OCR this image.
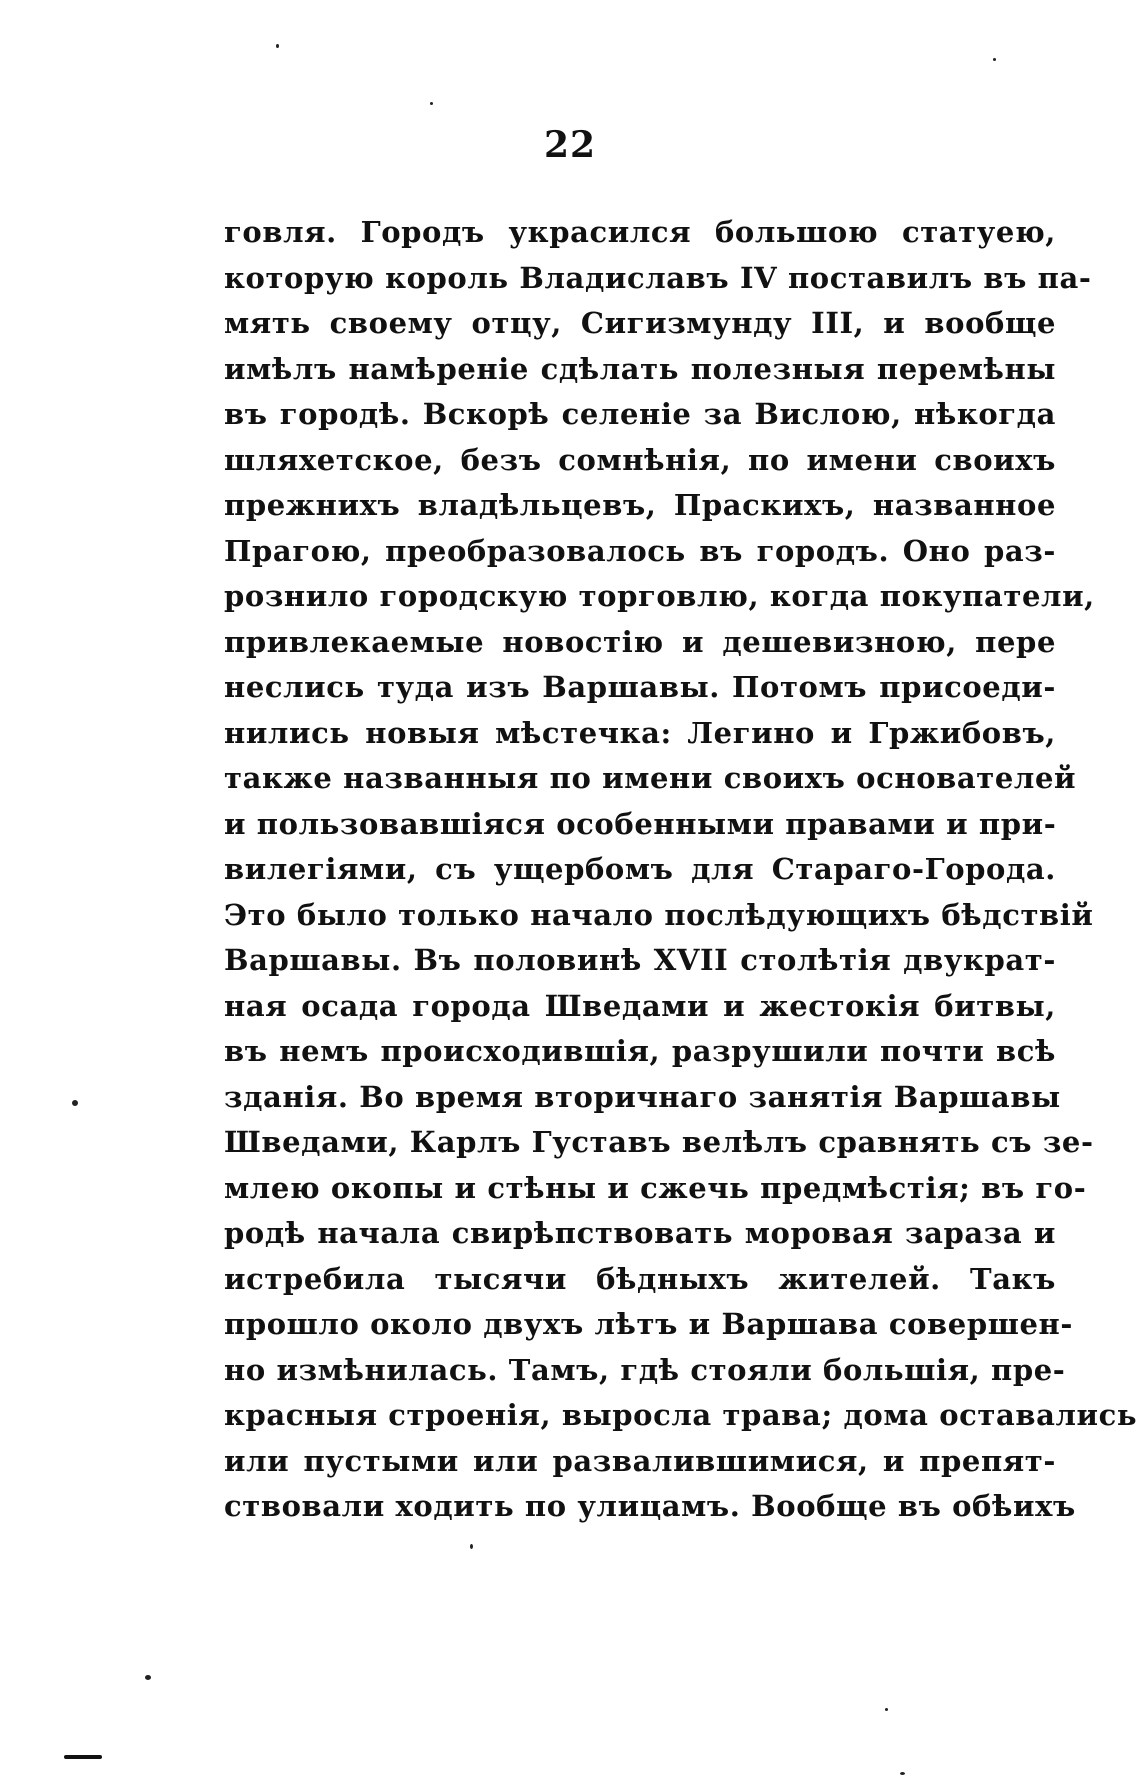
22
говля. Городъ украсился большою статуею,
которую король Владиславъ IV поставилъ въ па-
мять своему отцу, Сигизмунду III, и вообще
имѣлъ намѣреніе сдѣлать полезныя перемѣны
въ городѣ. Вскорѣ селеніе за Вислою, нѣкогда
шляхетское, безъ сомнѣнія, по имени своихъ
прежнихъ владѣльцевъ, Праскихъ, названное
Прагою, преобразовалось въ городъ. Оно раз-
рознило городскую торговлю, когда покупатели,
привлекаемые новостію и дешевизною, пере
неслись туда изъ Варшавы. Потомъ присоеди-
нились новыя мѣстечка: Легино и Гржибовъ,
также названныя по имени своихъ основателей
и пользовавшіяся особенными правами и при-
вилегіями, съ ущербомъ для Стараго-Города.
Это было только начало послѣдующихъ бѣдствій
Варшавы. Въ половинѣ XVII столѣтія двукрат-
ная осада города Шведами и жестокія битвы,
въ немъ происходившія, разрушили почти всѣ
зданія. Во время вторичнаго занятія Варшавы
Шведами, Карлъ Густавъ велѣлъ сравнять съ зе-
млею окопы и стѣны и сжечь предмѣстія; въ го-
родѣ начала свирѣпствовать моровая зараза и
истребила тысячи бѣдныхъ жителей. Такъ
прошло около двухъ лѣтъ и Варшава совершен-
но измѣнилась. Тамъ, гдѣ стояли большія, пре-
красныя строенія, выросла трава; дома оставались
или пустыми или развалившимися, и препят-
ствовали ходить по улицамъ. Вообще въ обѣихъ
